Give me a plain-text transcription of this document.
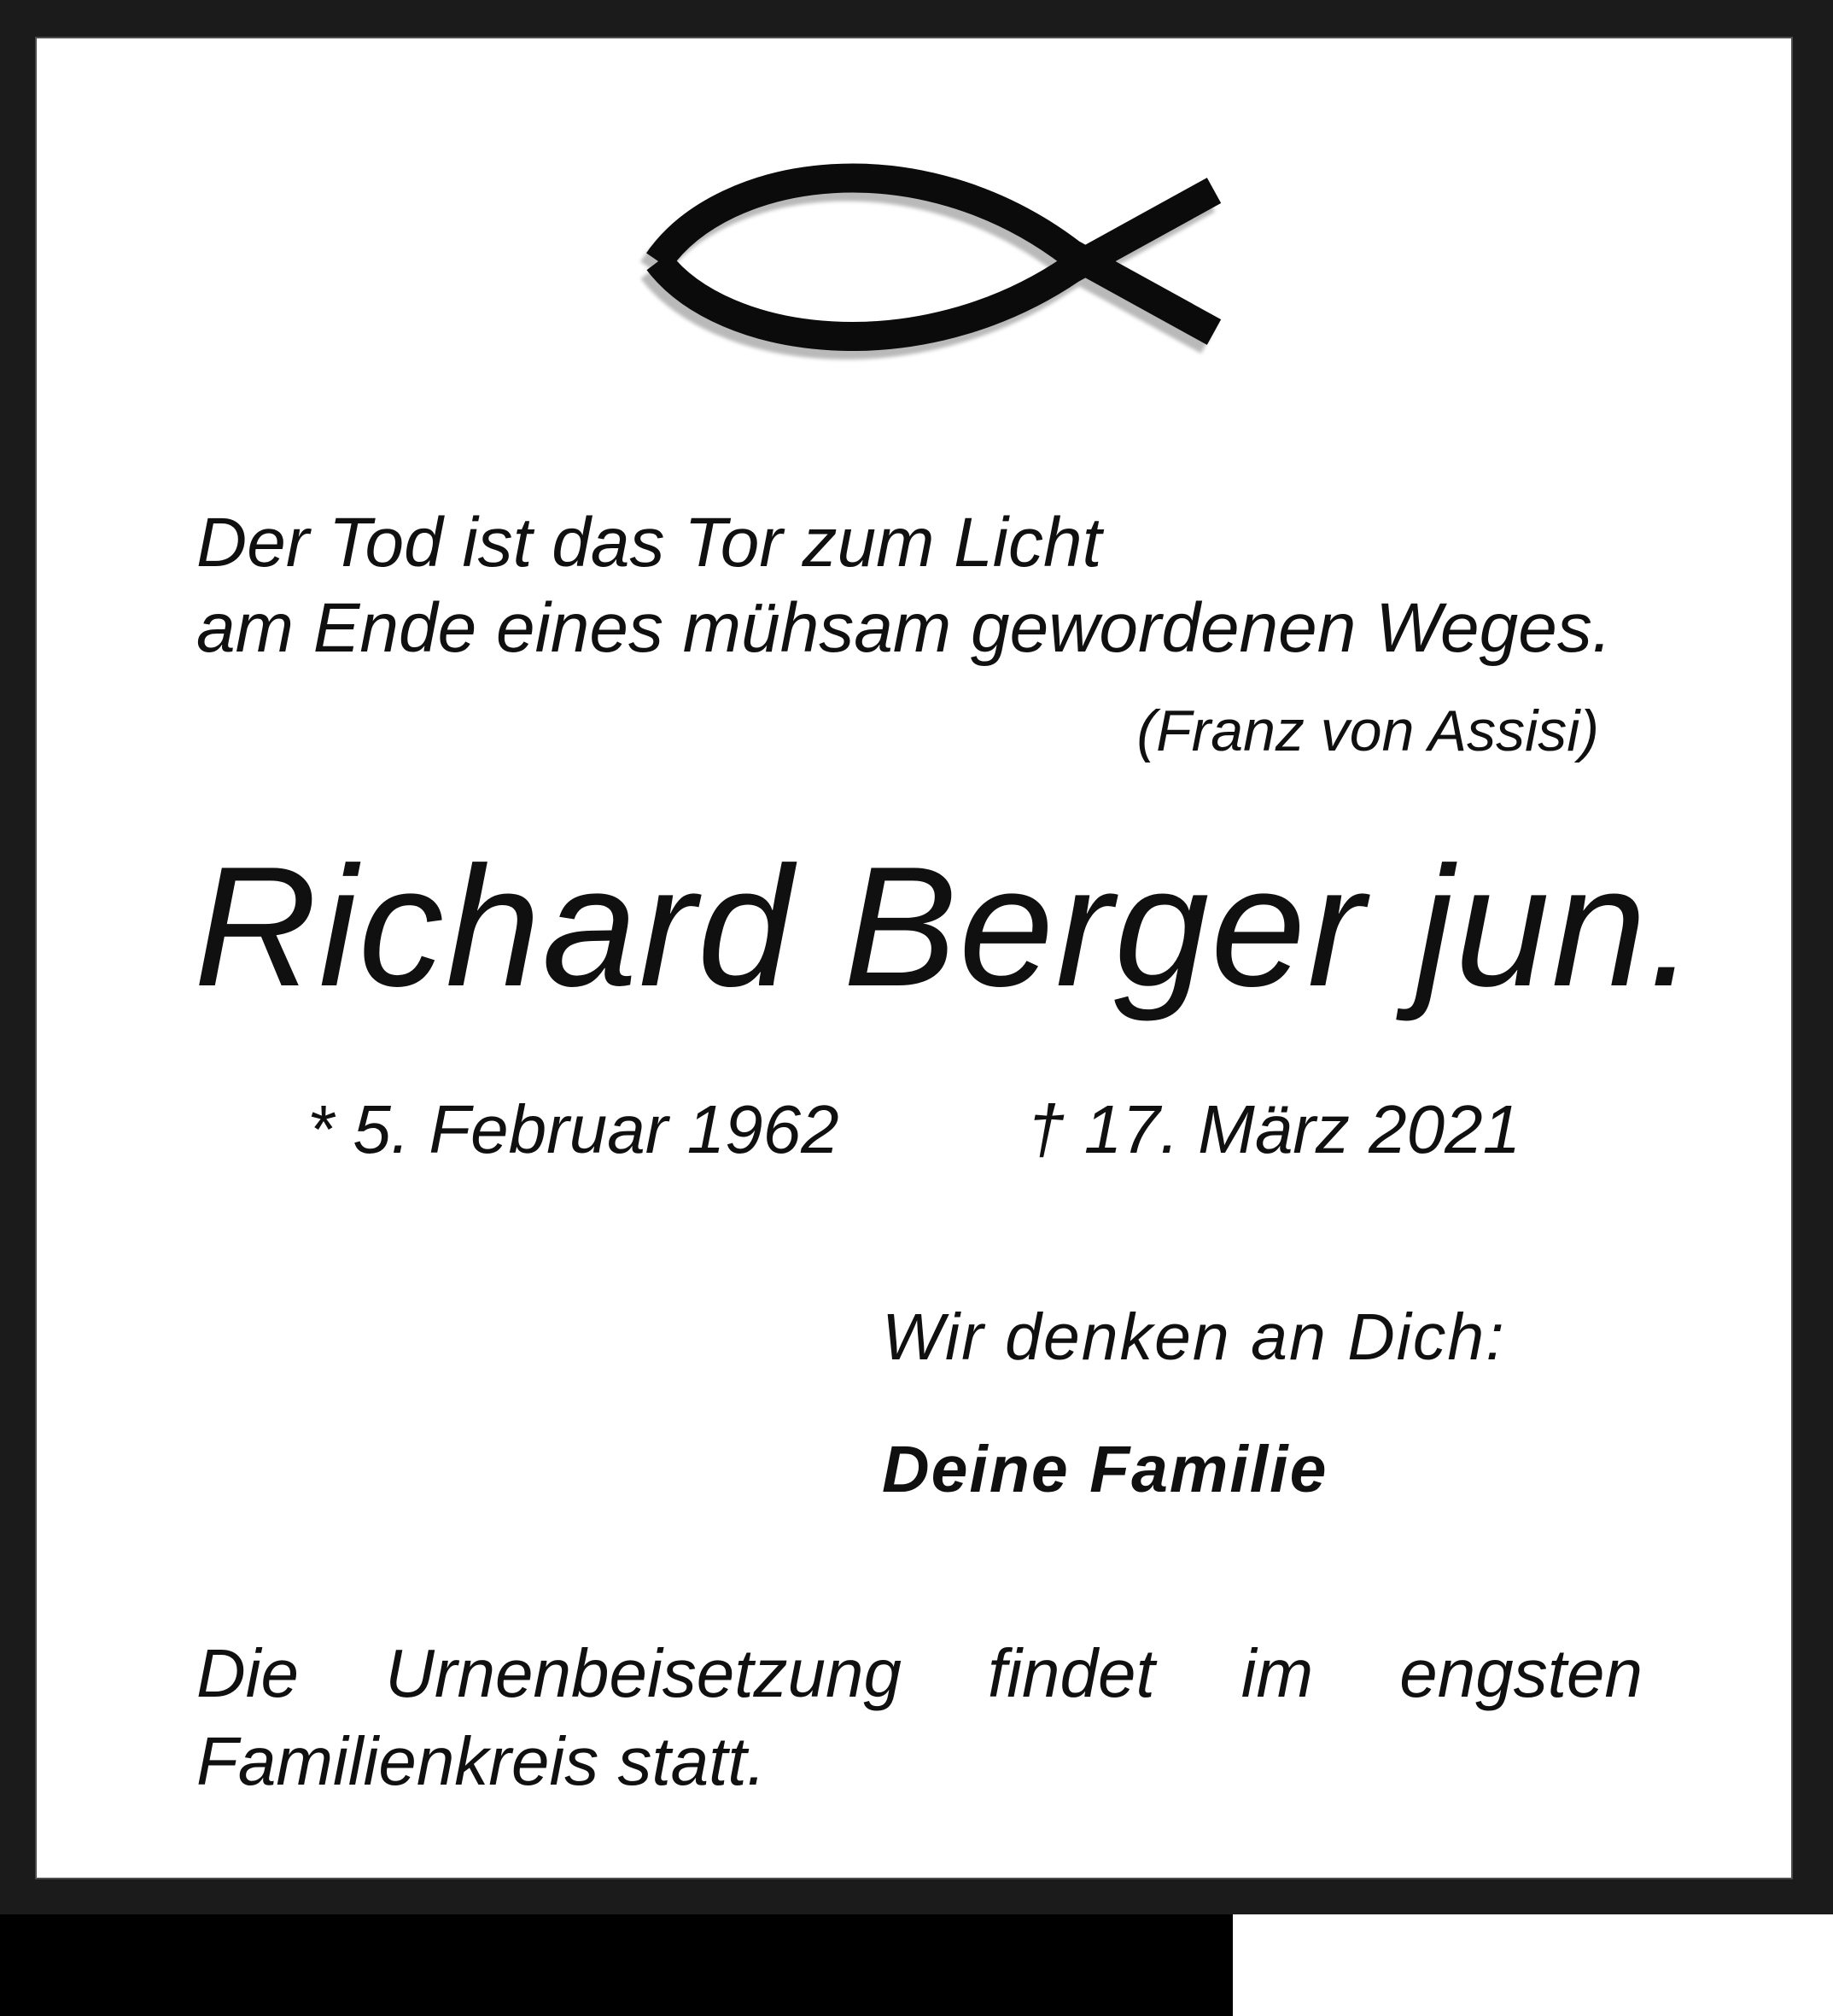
Der Tod ist das Tor zum Licht
am Ende eines mühsam gewordenen Weges.
(Franz von Assisi)
Richard Berger jun.
* 5. Februar 1962	† 17. März 2021
Wir denken an Dich:
Deine Familie
Die Urnenbeisetzung findet im engsten
Familienkreis statt.
